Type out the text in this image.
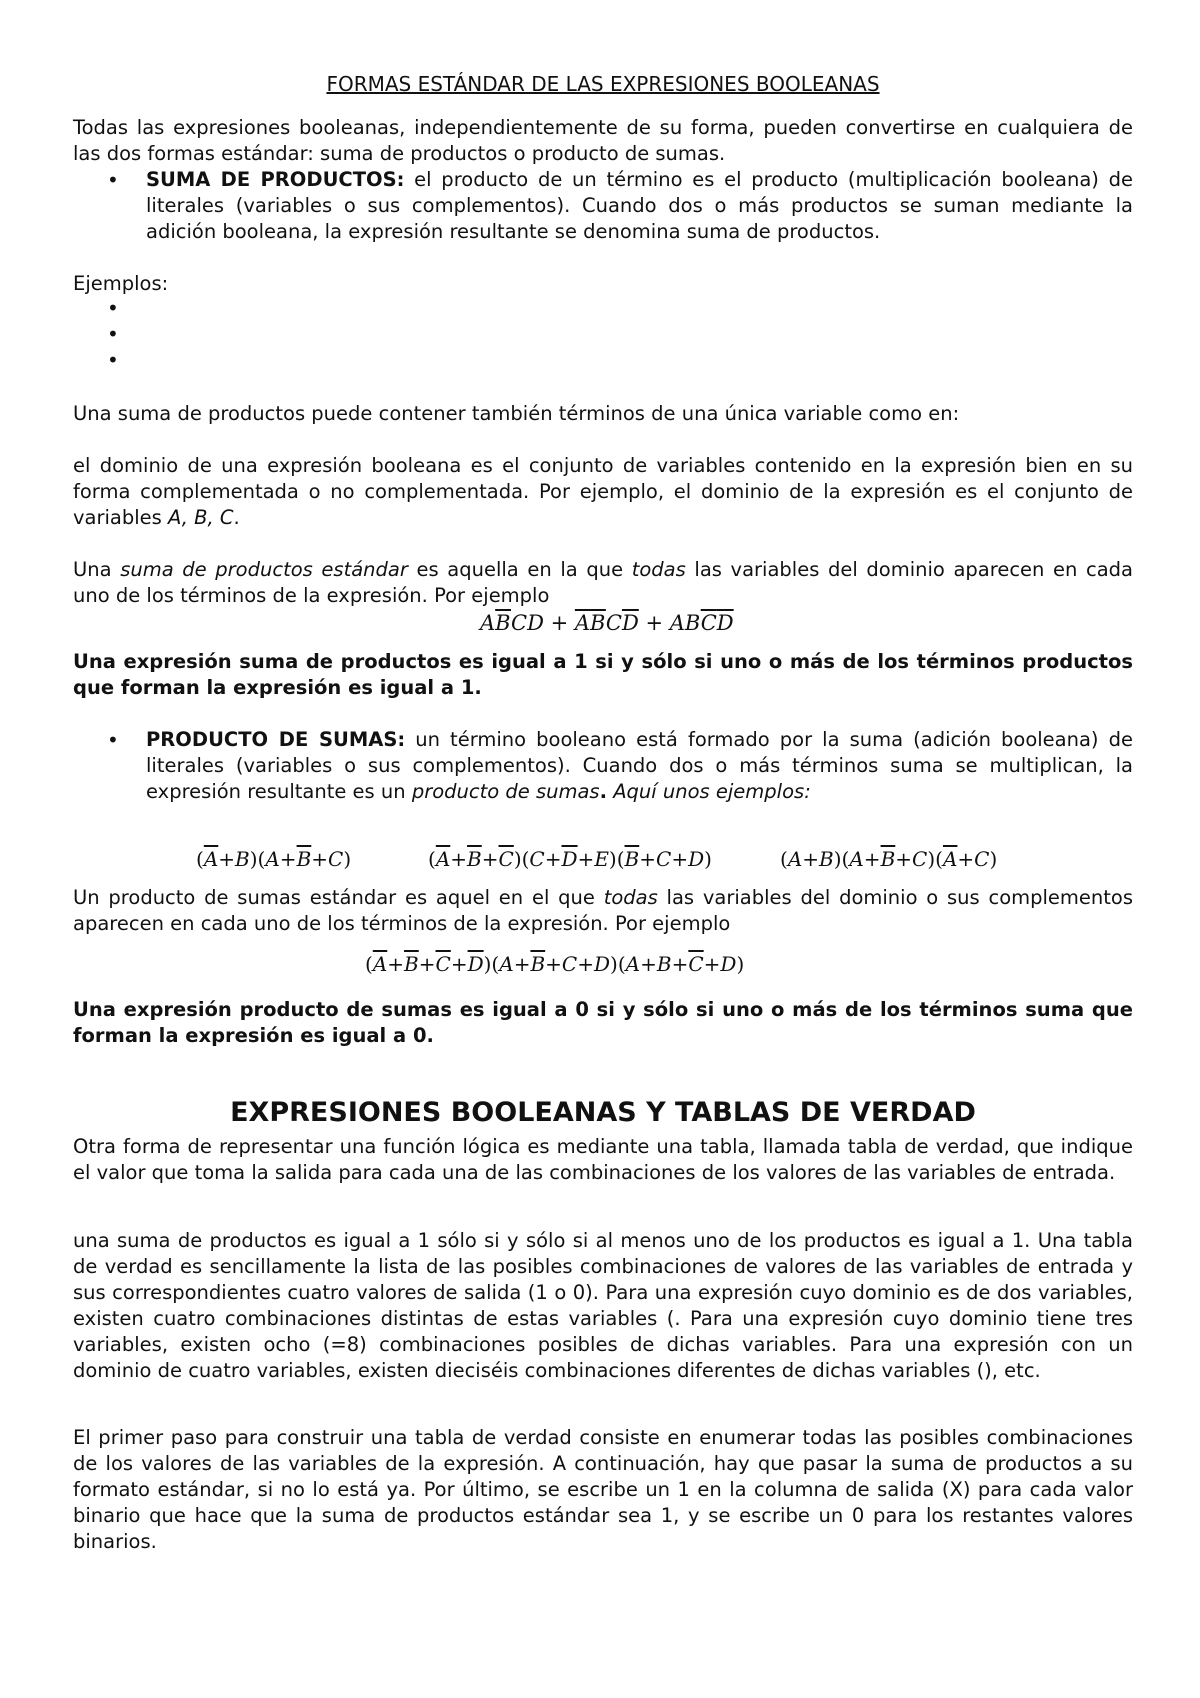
FORMAS ESTÁNDAR DE LAS EXPRESIONES BOOLEANAS

Todas las expresiones booleanas, independientemente de su forma, pueden convertirse en cualquiera de las dos formas estándar: suma de productos o producto de sumas.

• SUMA DE PRODUCTOS: el producto de un término es el producto (multiplicación booleana) de literales (variables o sus complementos). Cuando dos o más productos se suman mediante la adición booleana, la expresión resultante se denomina suma de productos.

Ejemplos:

•
•
•

Una suma de productos puede contener también términos de una única variable como en:

el dominio de una expresión booleana es el conjunto de variables contenido en la expresión bien en su forma complementada o no complementada. Por ejemplo, el dominio de la expresión es el conjunto de variables A, B, C.

Una suma de productos estándar es aquella en la que todas las variables del dominio aparecen en cada uno de los términos de la expresión. Por ejemplo

$A\overline{B}CD + \overline{A}\overline{B}C\overline{D} + AB\overline{C}\overline{D}$

Una expresión suma de productos es igual a 1 si y sólo si uno o más de los términos productos que forman la expresión es igual a 1.

• PRODUCTO DE SUMAS: un término booleano está formado por la suma (adición booleana) de literales (variables o sus complementos). Cuando dos o más términos suma se multiplican, la expresión resultante es un producto de sumas. Aquí unos ejemplos:
$(\overline{A}+B)(A+\overline{B}+C)$	$(\overline{A}+\overline{B}+\overline{C})(C+\overline{D}+E)(\overline{B}+C+D)$	$(A+B)(A+\overline{B}+C)(\overline{A}+C)$

Un producto de sumas estándar es aquel en el que todas las variables del dominio o sus complementos aparecen en cada uno de los términos de la expresión. Por ejemplo

$(\overline{A}+\overline{B}+\overline{C}+\overline{D})(A+\overline{B}+C+D)(A+B+\overline{C}+D)$

Una expresión producto de sumas es igual a 0 si y sólo si uno o más de los términos suma que forman la expresión es igual a 0.

EXPRESIONES BOOLEANAS Y TABLAS DE VERDAD

Otra forma de representar una función lógica es mediante una tabla, llamada tabla de verdad, que indique el valor que toma la salida para cada una de las combinaciones de los valores de las variables de entrada.

una suma de productos es igual a 1 sólo si y sólo si al menos uno de los productos es igual a 1. Una tabla de verdad es sencillamente la lista de las posibles combinaciones de valores de las variables de entrada y sus correspondientes cuatro valores de salida (1 o 0). Para una expresión cuyo dominio es de dos variables, existen cuatro combinaciones distintas de estas variables (. Para una expresión cuyo dominio tiene tres variables, existen ocho (=8) combinaciones posibles de dichas variables. Para una expresión con un dominio de cuatro variables, existen dieciséis combinaciones diferentes de dichas variables (), etc.

El primer paso para construir una tabla de verdad consiste en enumerar todas las posibles combinaciones de los valores de las variables de la expresión. A continuación, hay que pasar la suma de productos a su formato estándar, si no lo está ya. Por último, se escribe un 1 en la columna de salida (X) para cada valor binario que hace que la suma de productos estándar sea 1, y se escribe un 0 para los restantes valores binarios.
